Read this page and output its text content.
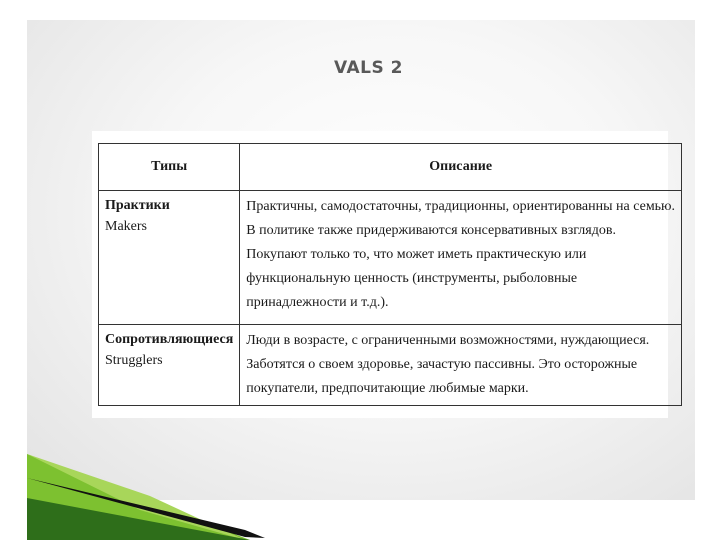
VALS 2
Типы	Описание

Практики
Makers	Практичны, самодостаточны, традиционны, ориентированны на семью.
В политике также придерживаются консервативных взглядов.
Покупают только то, что может иметь практическую или
функциональную ценность (инструменты, рыболовные
принадлежности и т.д.).

Сопротивляющиеся
Strugglers	Люди в возрасте, с ограниченными возможностями, нуждающиеся.
Заботятся о своем здоровье, зачастую пассивны. Это осторожные
покупатели, предпочитающие любимые марки.
